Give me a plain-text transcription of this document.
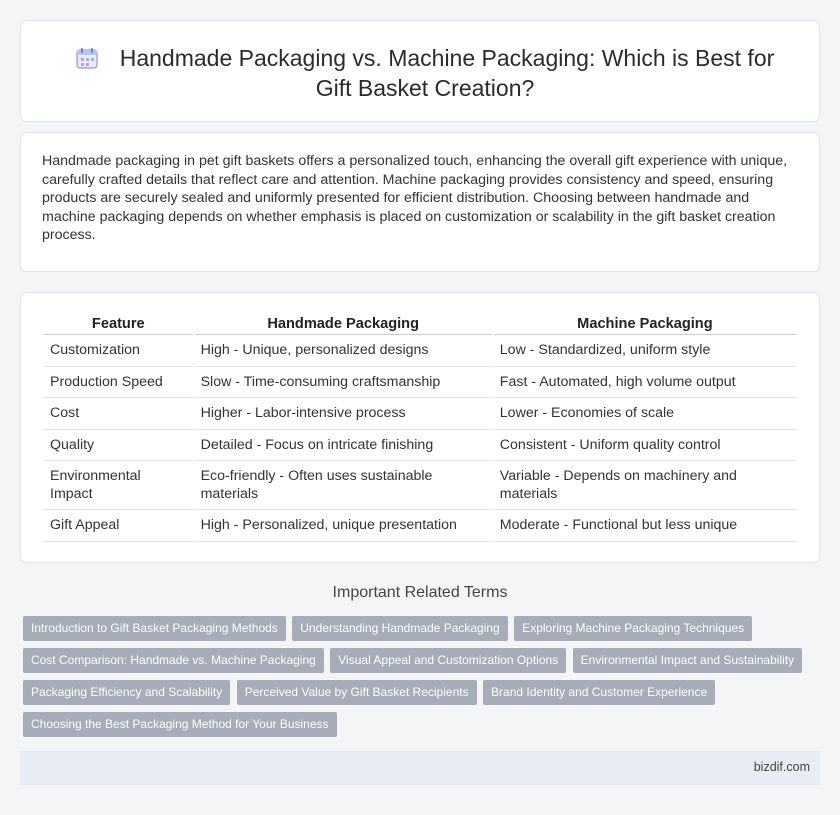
Handmade Packaging vs. Machine Packaging: Which is Best for Gift Basket Creation?

Handmade packaging in pet gift baskets offers a personalized touch, enhancing the overall gift experience with unique, carefully crafted details that reflect care and attention. Machine packaging provides consistency and speed, ensuring products are securely sealed and uniformly presented for efficient distribution. Choosing between handmade and machine packaging depends on whether emphasis is placed on customization or scalability in the gift basket creation process.

Feature	Handmade Packaging	Machine Packaging
Customization	High - Unique, personalized designs	Low - Standardized, uniform style
Production Speed	Slow - Time-consuming craftsmanship	Fast - Automated, high volume output
Cost	Higher - Labor-intensive process	Lower - Economies of scale
Quality	Detailed - Focus on intricate finishing	Consistent - Uniform quality control
Environmental Impact	Eco-friendly - Often uses sustainable materials	Variable - Depends on machinery and materials
Gift Appeal	High - Personalized, unique presentation	Moderate - Functional but less unique
Important Related Terms
Introduction to Gift Basket Packaging Methods Understanding Handmade Packaging Exploring Machine Packaging Techniques Cost Comparison: Handmade vs. Machine Packaging Visual Appeal and Customization Options Environmental Impact and Sustainability Packaging Efficiency and Scalability Perceived Value by Gift Basket Recipients Brand Identity and Customer Experience Choosing the Best Packaging Method for Your Business
bizdif.com
